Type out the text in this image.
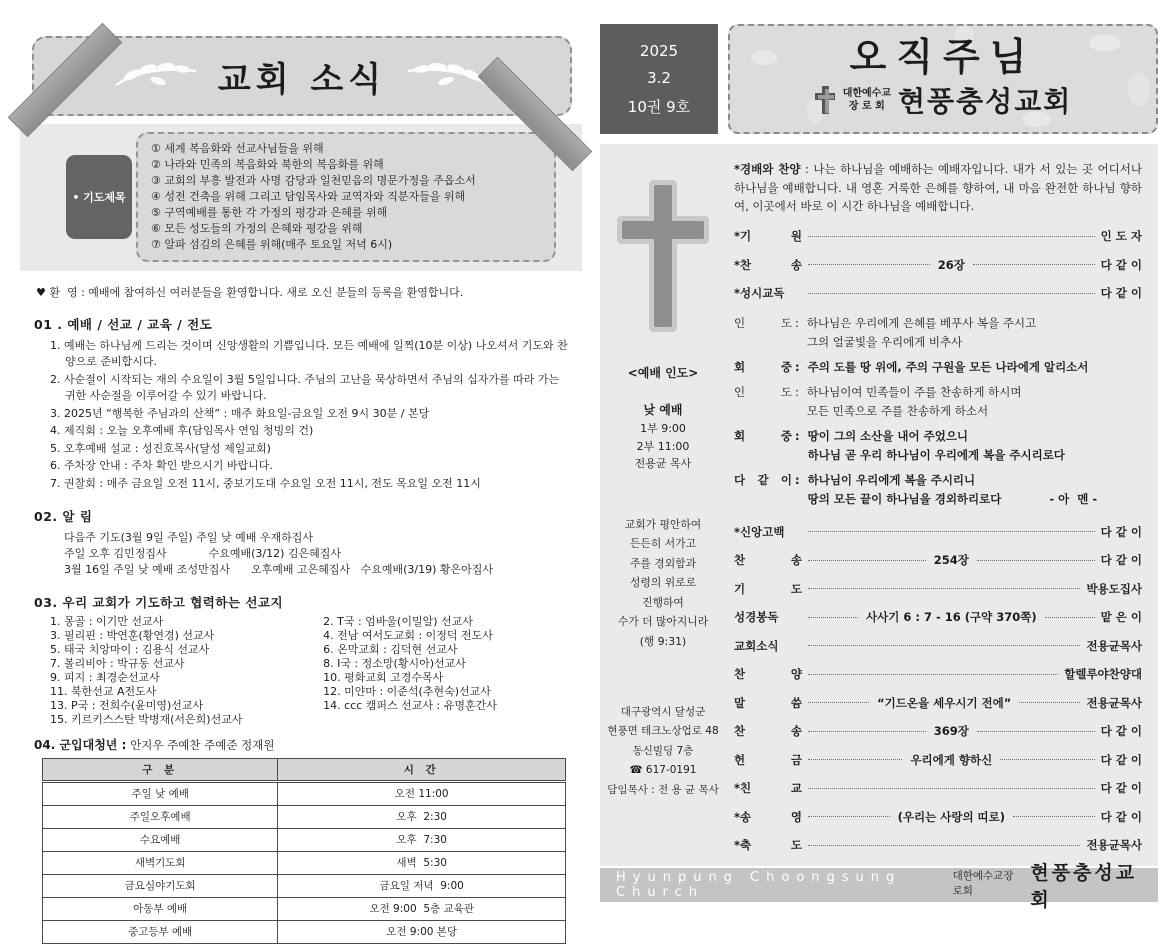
교회 소식
• 기도제목
① 세계 복음화와 선교사님들을 위해
② 나라와 민족의 복음화와 북한의 복음화를 위해
③ 교회의 부흥 발전과 사명 감당과 일천믿음의 명문가정을 주옵소서
④ 성전 건축을 위해 그리고 담임목사와 교역자와 직분자들을 위해
⑤ 구역예배를 통한 각 가정의 평강과 은혜를 위해
⑥ 모든 성도들의 가정의 은혜와 평강을 위해
⑦ 알파 섬김의 은혜를 위해(매주 토요일 저녁 6시)
♥ 환  영 : 예배에 참여하신 여러분들을 환영합니다. 새로 오신 분들의 등록을 환영합니다.
01 . 예배 / 선교 / 교육 / 전도
1. 예배는 하나님께 드리는 것이며 신앙생활의 기쁨입니다. 모든 예배에 일찍(10분 이상) 나오셔서 기도와 찬양으로 준비합시다.
2. 사순절이 시작되는 재의 수요일이 3월 5일입니다. 주님의 고난을 묵상하면서 주님의 십자가를 따라 가는 귀한 사순절을 이루어갈 수 있기 바랍니다.
3. 2025년 “행복한 주님과의 산책” : 매주 화요일-금요일 오전 9시 30분 / 본당
4. 제직회 : 오늘 오후예배 후(담임목사 연임 청빙의 건)
5. 오후예배 설교 : 성진호목사(달성 제일교회)
6. 주차장 안내 : 주차 확인 받으시기 바랍니다.
7. 권찰회 : 매주 금요일 오전 11시, 중보기도대 수요일 오전 11시, 전도 목요일 오전 11시
02. 알 림
다음주 기도(3월 9일 주일) 주일 낮 예배 우재하집사
주일 오후 김민정집사            수요예배(3/12) 김은혜집사
3월 16일 주일 낮 예배 조성만집사      오후예배 고은혜집사   수요예배(3/19) 황은아집사
03. 우리 교회가 기도하고 협력하는 선교지
1. 몽골 : 이기만 선교사	2. T국 : 엄바울(이밀알) 선교사
3. 필리핀 : 박연훈(황연경) 선교사	4. 전남 여서도교회 : 이정덕 전도사
5. 태국 치앙마이 : 김용식 선교사	6. 온막교회 : 김덕현 선교사
7. 볼리비아 : 박규동 선교사	8. I국 : 정소망(황시아)선교사
9. 피지 : 최경순선교사	10. 평화교회 고경수목사
11. 북한선교 A전도사	12. 미얀마 : 이준석(추현숙)선교사
13. P국 : 전희수(윤미영)선교사	14. ccc 캠퍼스 선교사 : 유명훈간사
15. 키르키스스탄 박병재(서은희)선교사
04. 군입대청년 : 안지우 주예찬 주예준 정재원
구 분	시 간
주일 낮 예배	오전 11:00
주일오후예배	오후  2:30
수요예배	오후  7:30
새벽기도회	새벽  5:30
금요심야기도회	금요일 저녁  9:00
아동부 예배	오전 9:00  5층 교육관
중고등부 예배	오전 9:00 본당
2025
3.2
10권 9호
오직주님
대한예수교
장 로 회 현풍충성교회
<예배 인도>
낮 예배
1부 9:00
2부 11:00
전용균 목사
교회가 평안하여
든든히 서가고
주를 경외함과
성령의 위로로
진행하여
수가 더 많아지니라
(행 9:31)
대구광역시 달성군
현풍면 테크노상업로 48
동신빌딩 7층
☎ 617-0191
담임목사 : 전 용 균 목사
*경배와 찬양 : 나는 하나님을 예배하는 예배자입니다. 내가 서 있는 곳 어디서나 하나님을 예배합니다. 내 영혼 거룩한 은혜를 향하여, 내 마음 완전한 하나님 향하여, 이곳에서 바로 이 시간 하나님을 예배합니다.
*기 원	인 도 자
*찬 송	26장	다 같 이
*성시교독	다 같 이
인 도 : 하나님은 우리에게 은혜를 베푸사 복을 주시고
그의 얼굴빛을 우리에게 비추사
회 중 : 주의 도를 땅 위에, 주의 구원을 모든 나라에게 알리소서
인 도 : 하나님이여 민족들이 주를 찬송하게 하시며
모든 민족으로 주를 찬송하게 하소서
회 중 : 땅이 그의 소산을 내어 주었으니
하나님 곧 우리 하나님이 우리에게 복을 주시리로다
다 같 이 : 하나님이 우리에게 복을 주시리니
땅의 모든 끝이 하나님을 경외하리로다	- 아  멘 -
*신앙고백	다 같 이
찬 송	254장	다 같 이
기 도	박용도집사
성경봉독	사사기 6 : 7 - 16 (구약 370쪽)	맡 은 이
교회소식	전용균목사
찬 양	할렐루야찬양대
말 씀	“기드온을 세우시기 전에”	전용균목사
찬 송	369장	다 같 이
헌 금	우리에게 향하신	다 같 이
*친 교	다 같 이
*송 영	(우리는 사랑의 띠로)	다 같 이
*축 도	전용균목사
Hyunpung Choongsung Church
대한예수교장로회
현풍충성교회
